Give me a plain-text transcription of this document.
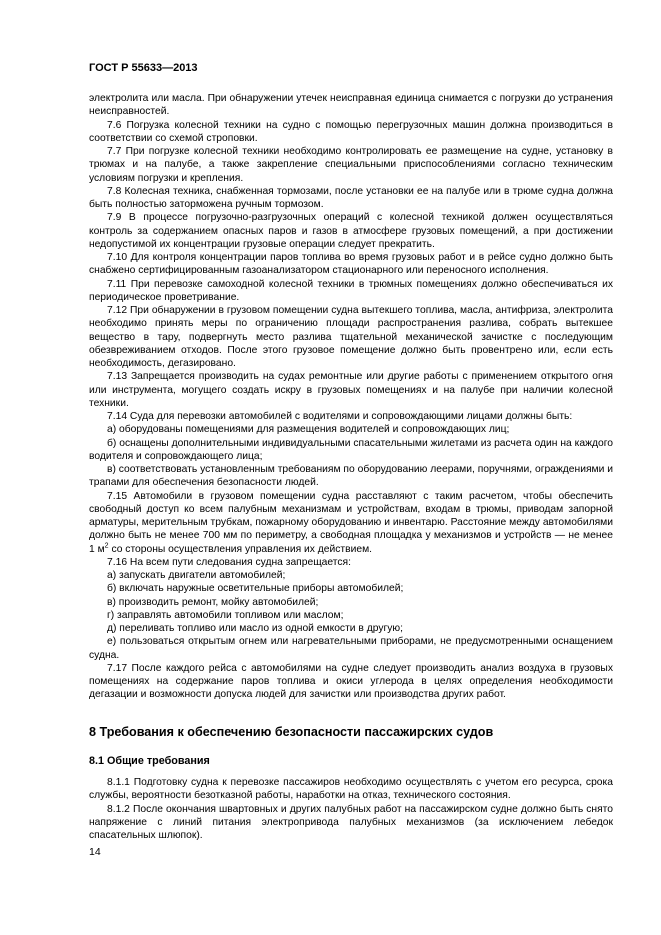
ГОСТ Р 55633—2013

электролита или масла. При обнаружении утечек неисправная единица снимается с погрузки до устранения неисправностей.

7.6 Погрузка колесной техники на судно с помощью перегрузочных машин должна производиться в соответствии со схемой строповки.

7.7 При погрузке колесной техники необходимо контролировать ее размещение на судне, установку в трюмах и на палубе, а также закрепление специальными приспособлениями согласно техническим условиям погрузки и крепления.

7.8 Колесная техника, снабженная тормозами, после установки ее на палубе или в трюме судна должна быть полностью заторможена ручным тормозом.

7.9 В процессе погрузочно-разгрузочных операций с колесной техникой должен осуществляться контроль за содержанием опасных паров и газов в атмосфере грузовых помещений, а при достижении недопустимой их концентрации грузовые операции следует прекратить.

7.10 Для контроля концентрации паров топлива во время грузовых работ и в рейсе судно должно быть снабжено сертифицированным газоанализатором стационарного или переносного исполнения.

7.11 При перевозке самоходной колесной техники в трюмных помещениях должно обеспечиваться их периодическое проветривание.

7.12 При обнаружении в грузовом помещении судна вытекшего топлива, масла, антифриза, электролита необходимо принять меры по ограничению площади распространения разлива, собрать вытекшее вещество в тару, подвергнуть место разлива тщательной механической зачистке с последующим обезвреживанием отходов. После этого грузовое помещение должно быть провентрено или, если есть необходимость, дегазировано.

7.13 Запрещается производить на судах ремонтные или другие работы с применением открытого огня или инструмента, могущего создать искру в грузовых помещениях и на палубе при наличии колесной техники.

7.14 Суда для перевозки автомобилей с водителями и сопровождающими лицами должны быть:

а) оборудованы помещениями для размещения водителей и сопровождающих лиц;

б) оснащены дополнительными индивидуальными спасательными жилетами из расчета один на каждого водителя и сопровождающего лица;

в) соответствовать установленным требованиям по оборудованию леерами, поручнями, ограждениями и трапами для обеспечения безопасности людей.

7.15 Автомобили в грузовом помещении судна расставляют с таким расчетом, чтобы обеспечить свободный доступ ко всем палубным механизмам и устройствам, входам в трюмы, приводам запорной арматуры, мерительным трубкам, пожарному оборудованию и инвентарю. Расстояние между автомобилями должно быть не менее 700 мм по периметру, а свободная площадка у механизмов и устройств — не менее 1 $м^2$ со стороны осуществления управления их действием.

7.16 На всем пути следования судна запрещается:

а) запускать двигатели автомобилей;

б) включать наружные осветительные приборы автомобилей;

в) производить ремонт, мойку автомобилей;

г) заправлять автомобили топливом или маслом;

д) переливать топливо или масло из одной емкости в другую;

е) пользоваться открытым огнем или нагревательными приборами, не предусмотренными оснащением судна.

7.17 После каждого рейса с автомобилями на судне следует производить анализ воздуха в грузовых помещениях на содержание паров топлива и окиси углерода в целях определения необходимости дегазации и возможности допуска людей для зачистки или производства других работ.

8 Требования к обеспечению безопасности пассажирских судов
8.1 Общие требования

8.1.1 Подготовку судна к перевозке пассажиров необходимо осуществлять с учетом его ресурса, срока службы, вероятности безотказной работы, наработки на отказ, технического состояния.

8.1.2 После окончания швартовных и других палубных работ на пассажирском судне должно быть снято напряжение с линий питания электропривода палубных механизмов (за исключением лебедок спасательных шлюпок).

14
